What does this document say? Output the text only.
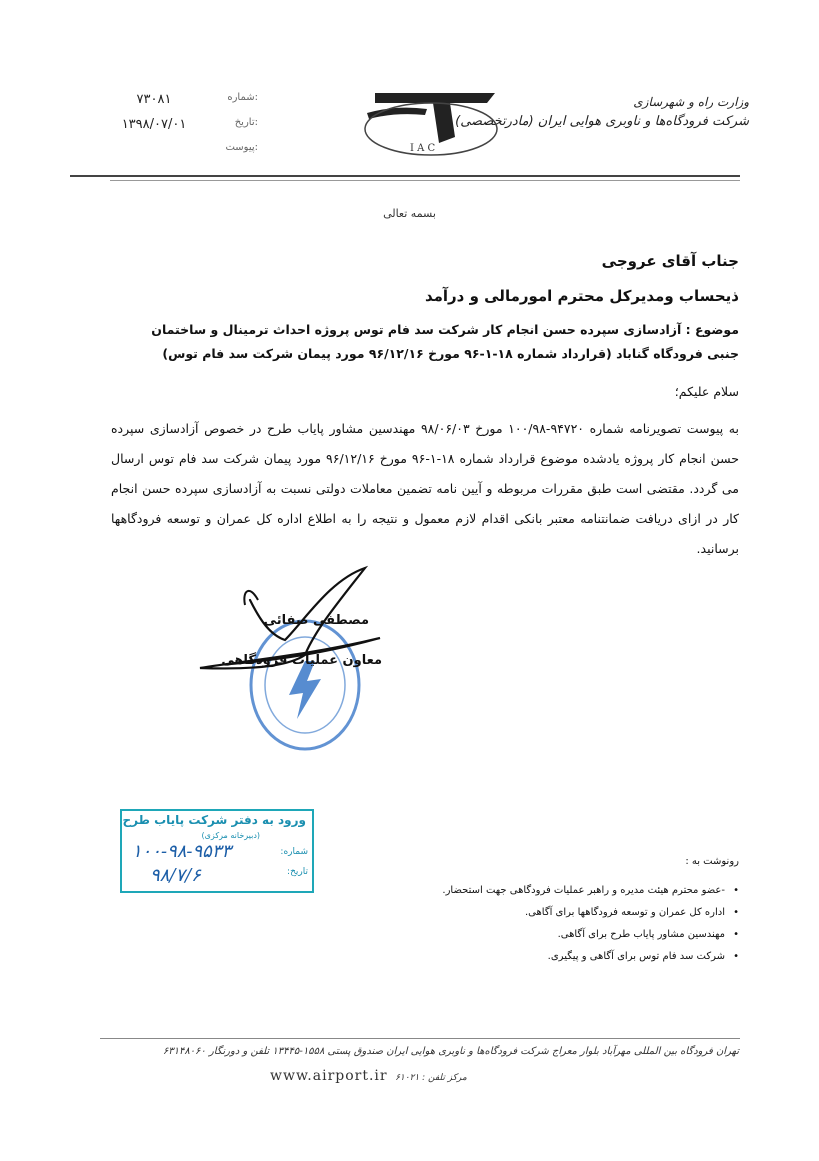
وزارت راه و شهرسازی
شرکت فرودگاه‌ها و ناوبری هوایی ایران (مادرتخصصی)
I A C
شماره:
۷۳۰۸۱
تاریخ:
۱۳۹۸/۰۷/۰۱
پیوست:
بسمه تعالی
جناب آقای عروجی
ذیحساب ومدیرکل محترم امورمالی و درآمد
موضوع : آزادسازی سپرده حسن انجام کار شرکت سد فام توس پروژه احداث ترمینال و ساختمان جنبی فرودگاه گناباد (قرارداد شماره ۱۸-۱-۹۶ مورخ ۹۶/۱۲/۱۶ مورد پیمان شرکت سد فام توس)
سلام علیکم؛
به پیوست تصویرنامه شماره ۹۴۷۲۰-۱۰۰/۹۸ مورخ ۹۸/۰۶/۰۳ مهندسین مشاور پایاب طرح در خصوص آزادسازی سپرده حسن انجام کار پروژه یادشده موضوع قرارداد شماره ۱۸-۱-۹۶ مورخ ۹۶/۱۲/۱۶ مورد پیمان شرکت سد فام توس ارسال می گردد. مقتضی است طبق مقررات مربوطه و آیین نامه تضمین معاملات دولتی نسبت به آزادسازی سپرده حسن انجام کار در ازای دریافت ضمانتنامه معتبر بانکی اقدام لازم معمول و نتیجه را به اطلاع اداره کل عمران و توسعه فرودگاهها برسانید.
مصطفی صفائی
معاون عملیات فرودگاهی
ورود به دفتر شرکت پایاب طرح
(دبیرخانه مرکزی)
شماره:
تاریخ:
۱۰۰-۹۸-۹۵۳۳
۹۸/۷/۶
رونوشت به :
•
-عضو محترم هیئت مدیره و راهبر عملیات فرودگاهی جهت استحضار.
•
اداره کل عمران و توسعه فرودگاهها برای آگاهی.
•
مهندسین مشاور پایاب طرح برای آگاهی.
•
شرکت سد فام توس برای آگاهی و پیگیری.
تهران فرودگاه بین المللی مهرآباد بلوار معراج شرکت فرودگاه‌ها و ناوبری هوایی ایران صندوق پستی ۱۵۵۸-۱۳۴۴۵ تلفن و دورنگار ۶۳۱۴۸۰۶۰
www.airport.ir مرکز تلفن : ۶۱۰۲۱
